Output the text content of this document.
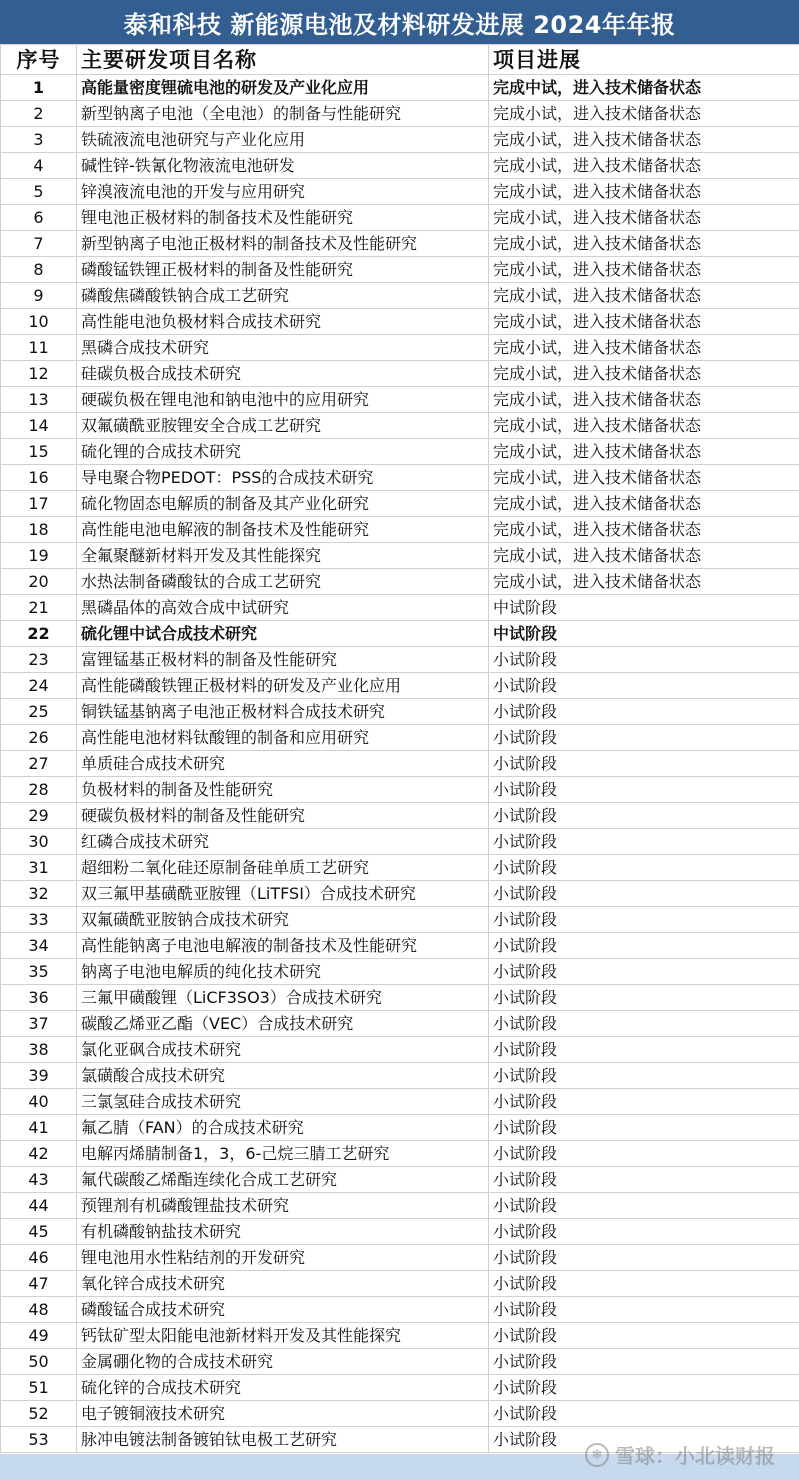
泰和科技 新能源电池及材料研发进展 2024年年报
序号	主要研发项目名称	项目进展
1	高能量密度锂硫电池的研发及产业化应用	完成中试，进入技术储备状态
2	新型钠离子电池（全电池）的制备与性能研究	完成小试，进入技术储备状态
3	铁硫液流电池研究与产业化应用	完成小试，进入技术储备状态
4	碱性锌-铁氰化物液流电池研发	完成小试，进入技术储备状态
5	锌溴液流电池的开发与应用研究	完成小试，进入技术储备状态
6	锂电池正极材料的制备技术及性能研究	完成小试，进入技术储备状态
7	新型钠离子电池正极材料的制备技术及性能研究	完成小试，进入技术储备状态
8	磷酸锰铁锂正极材料的制备及性能研究	完成小试，进入技术储备状态
9	磷酸焦磷酸铁钠合成工艺研究	完成小试，进入技术储备状态
10	高性能电池负极材料合成技术研究	完成小试，进入技术储备状态
11	黑磷合成技术研究	完成小试，进入技术储备状态
12	硅碳负极合成技术研究	完成小试，进入技术储备状态
13	硬碳负极在锂电池和钠电池中的应用研究	完成小试，进入技术储备状态
14	双氟磺酰亚胺锂安全合成工艺研究	完成小试，进入技术储备状态
15	硫化锂的合成技术研究	完成小试，进入技术储备状态
16	导电聚合物PEDOT：PSS的合成技术研究	完成小试，进入技术储备状态
17	硫化物固态电解质的制备及其产业化研究	完成小试，进入技术储备状态
18	高性能电池电解液的制备技术及性能研究	完成小试，进入技术储备状态
19	全氟聚醚新材料开发及其性能探究	完成小试，进入技术储备状态
20	水热法制备磷酸钛的合成工艺研究	完成小试，进入技术储备状态
21	黑磷晶体的高效合成中试研究	中试阶段
22	硫化锂中试合成技术研究	中试阶段
23	富锂锰基正极材料的制备及性能研究	小试阶段
24	高性能磷酸铁锂正极材料的研发及产业化应用	小试阶段
25	铜铁锰基钠离子电池正极材料合成技术研究	小试阶段
26	高性能电池材料钛酸锂的制备和应用研究	小试阶段
27	单质硅合成技术研究	小试阶段
28	负极材料的制备及性能研究	小试阶段
29	硬碳负极材料的制备及性能研究	小试阶段
30	红磷合成技术研究	小试阶段
31	超细粉二氧化硅还原制备硅单质工艺研究	小试阶段
32	双三氟甲基磺酰亚胺锂（LiTFSI）合成技术研究	小试阶段
33	双氟磺酰亚胺钠合成技术研究	小试阶段
34	高性能钠离子电池电解液的制备技术及性能研究	小试阶段
35	钠离子电池电解质的纯化技术研究	小试阶段
36	三氟甲磺酸锂（LiCF3SO3）合成技术研究	小试阶段
37	碳酸乙烯亚乙酯（VEC）合成技术研究	小试阶段
38	氯化亚砜合成技术研究	小试阶段
39	氯磺酸合成技术研究	小试阶段
40	三氯氢硅合成技术研究	小试阶段
41	氟乙腈（FAN）的合成技术研究	小试阶段
42	电解丙烯腈制备1，3，6-己烷三腈工艺研究	小试阶段
43	氟代碳酸乙烯酯连续化合成工艺研究	小试阶段
44	预锂剂有机磷酸锂盐技术研究	小试阶段
45	有机磷酸钠盐技术研究	小试阶段
46	锂电池用水性粘结剂的开发研究	小试阶段
47	氧化锌合成技术研究	小试阶段
48	磷酸锰合成技术研究	小试阶段
49	钙钛矿型太阳能电池新材料开发及其性能探究	小试阶段
50	金属硼化物的合成技术研究	小试阶段
51	硫化锌的合成技术研究	小试阶段
52	电子镀铜液技术研究	小试阶段
53	脉冲电镀法制备镀铂钛电极工艺研究	小试阶段
❄ 雪球：小北读财报
